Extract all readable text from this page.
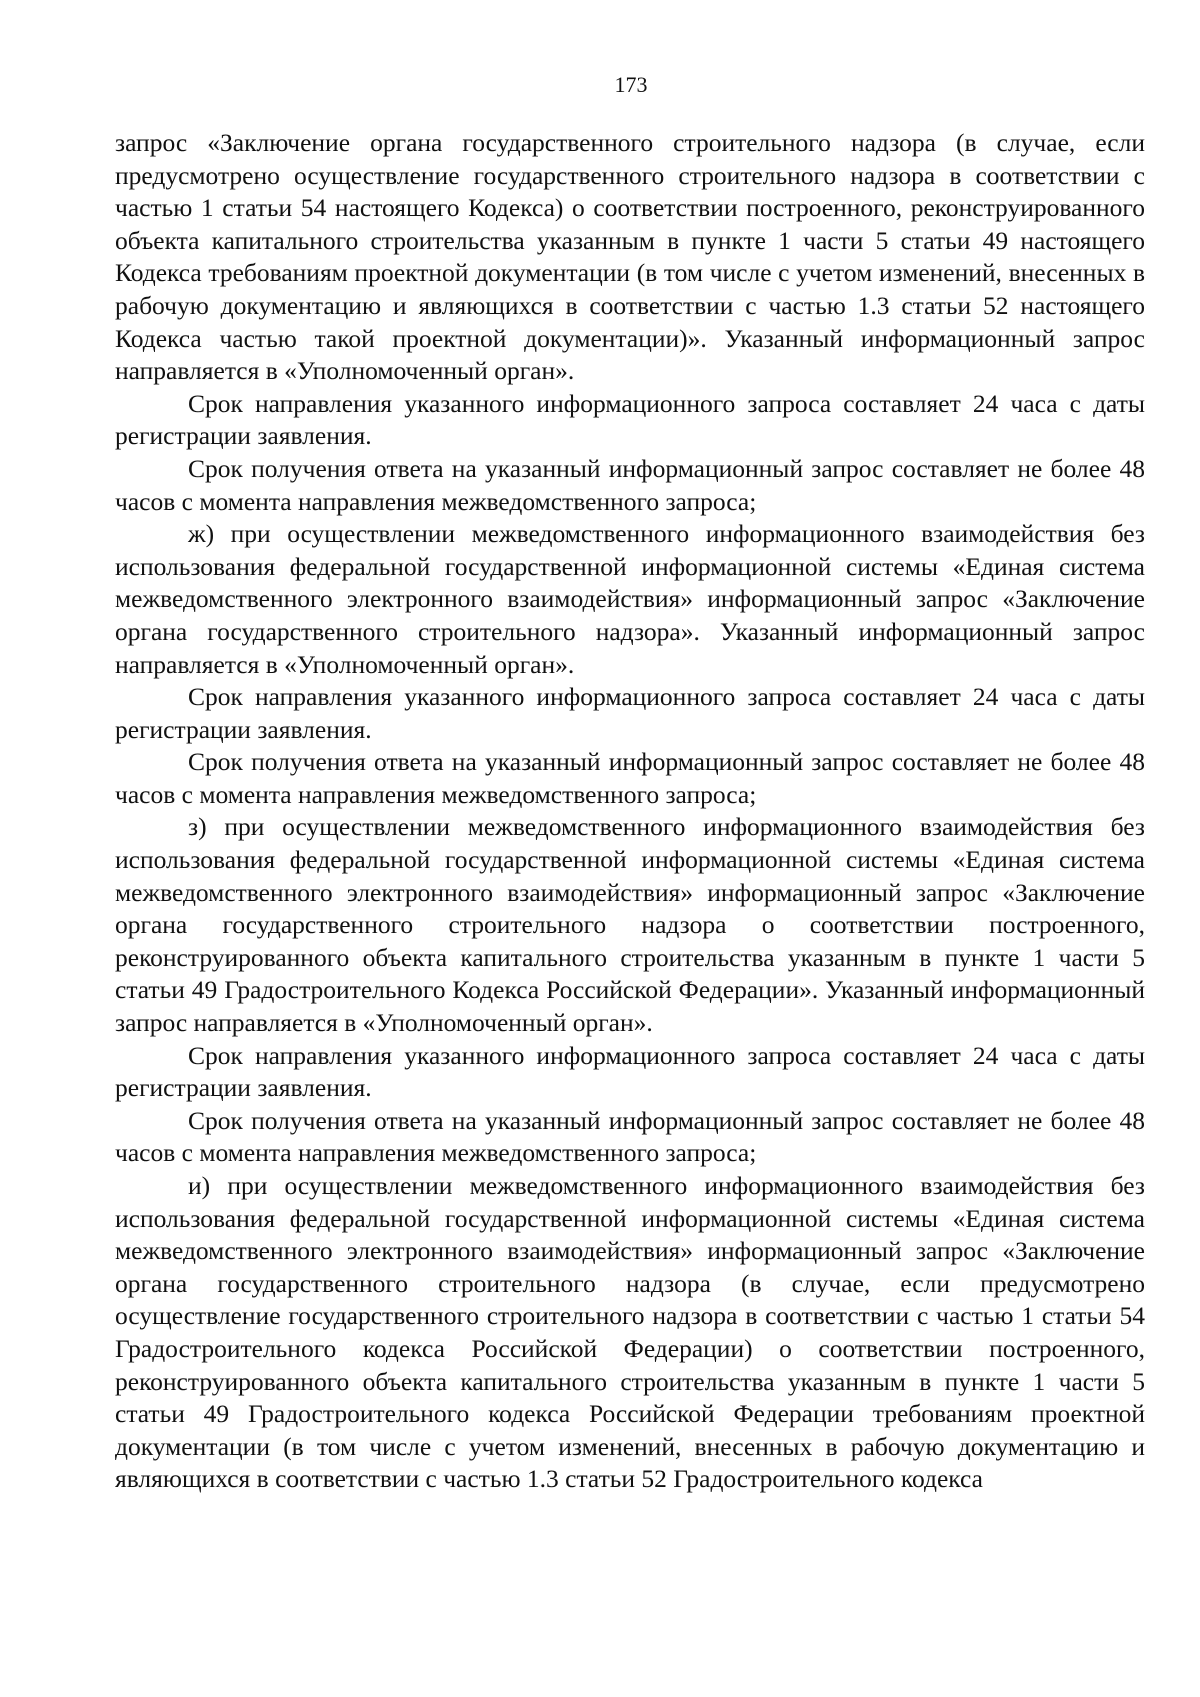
173

запрос «Заключение органа государственного строительного надзора (в случае, если предусмотрено осуществление государственного строительного надзора в соответствии с частью 1 статьи 54 настоящего Кодекса) о соответствии построенного, реконструированного объекта капитального строительства указанным в пункте 1 части 5 статьи 49 настоящего Кодекса требованиям проектной документации (в том числе с учетом изменений, внесенных в рабочую документацию и являющихся в соответствии с частью 1.3 статьи 52 настоящего Кодекса частью такой проектной документации)». Указанный информационный запрос направляется в «Уполномоченный орган».

Срок направления указанного информационного запроса составляет 24 часа с даты регистрации заявления.

Срок получения ответа на указанный информационный запрос составляет не более 48 часов с момента направления межведомственного запроса;

ж) при осуществлении межведомственного информационного взаимодействия без использования федеральной государственной информационной системы «Единая система межведомственного электронного взаимодействия» информационный запрос «Заключение органа государственного строительного надзора». Указанный информационный запрос направляется в «Уполномоченный орган».

Срок направления указанного информационного запроса составляет 24 часа с даты регистрации заявления.

Срок получения ответа на указанный информационный запрос составляет не более 48 часов с момента направления межведомственного запроса;

з) при осуществлении межведомственного информационного взаимодействия без использования федеральной государственной информационной системы «Единая система межведомственного электронного взаимодействия» информационный запрос «Заключение органа государственного строительного надзора о соответствии построенного, реконструированного объекта капитального строительства указанным в пункте 1 части 5 статьи 49 Градостроительного Кодекса Российской Федерации». Указанный информационный запрос направляется в «Уполномоченный орган».

Срок направления указанного информационного запроса составляет 24 часа с даты регистрации заявления.

Срок получения ответа на указанный информационный запрос составляет не более 48 часов с момента направления межведомственного запроса;

и) при осуществлении межведомственного информационного взаимодействия без использования федеральной государственной информационной системы «Единая система межведомственного электронного взаимодействия» информационный запрос «Заключение органа государственного строительного надзора (в случае, если предусмотрено осуществление государственного строительного надзора в соответствии с частью 1 статьи 54 Градостроительного кодекса Российской Федерации) о соответствии построенного, реконструированного объекта капитального строительства указанным в пункте 1 части 5 статьи 49 Градостроительного кодекса Российской Федерации требованиям проектной документации (в том числе с учетом изменений, внесенных в рабочую документацию и являющихся в соответствии с частью 1.3 статьи 52 Градостроительного кодекса
